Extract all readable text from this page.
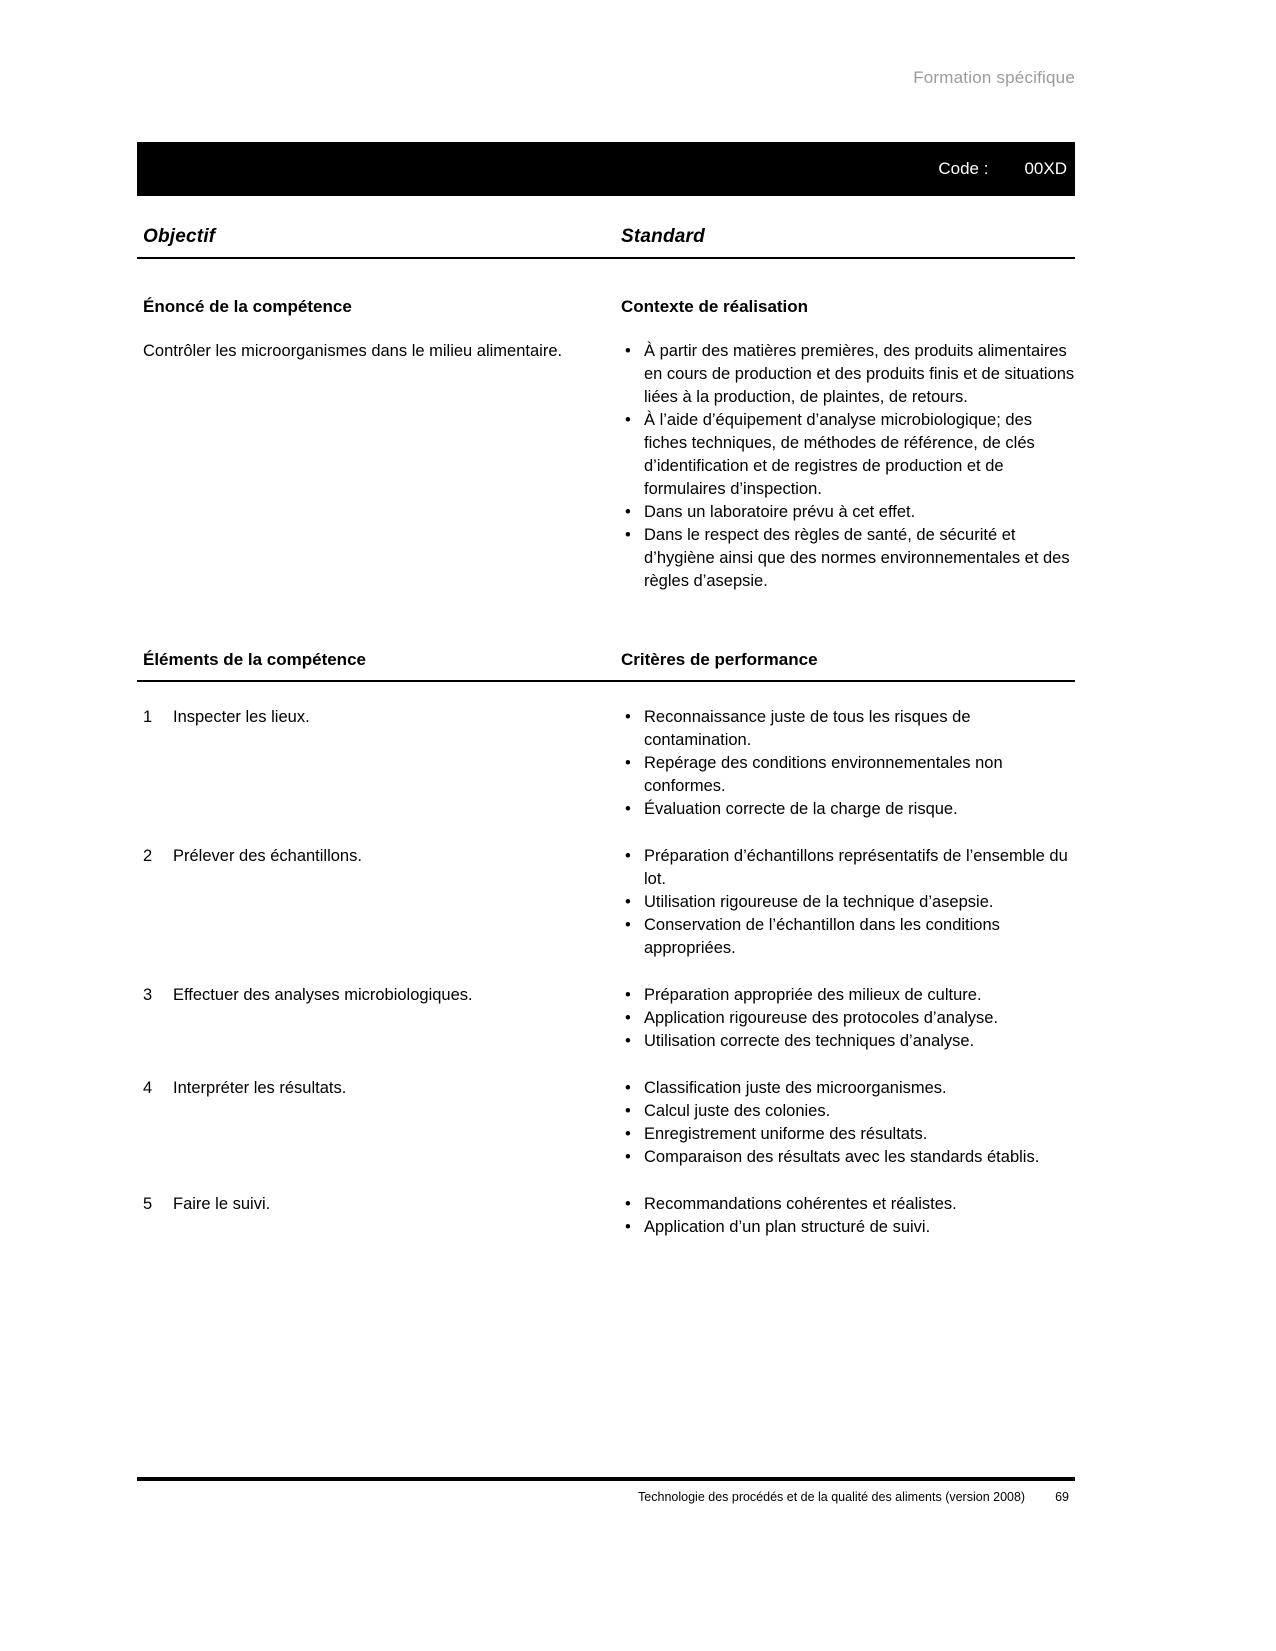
Formation spécifique
Code : 00XD
Objectif	Standard
Énoncé de la compétence	Contexte de réalisation

Contrôler les microorganismes dans le milieu alimentaire.	• À partir des matières premières, des produits alimentaires en cours de production et des produits finis et de situations liées à la production, de plaintes, de retours.
• À l’aide d’équipement d’analyse microbiologique; des fiches techniques, de méthodes de référence, de clés d’identification et de registres de production et de formulaires d’inspection.
• Dans un laboratoire prévu à cet effet.
• Dans le respect des règles de santé, de sécurité et d’hygiène ainsi que des normes environnementales et des règles d’asepsie.
Éléments de la compétence	Critères de performance
1	Inspecter les lieux.	• Reconnaissance juste de tous les risques de contamination.
• Repérage des conditions environnementales non conformes.
• Évaluation correcte de la charge de risque.
2	Prélever des échantillons.	• Préparation d’échantillons représentatifs de l’ensemble du lot.
• Utilisation rigoureuse de la technique d’asepsie.
• Conservation de l’échantillon dans les conditions appropriées.
3	Effectuer des analyses microbiologiques.	• Préparation appropriée des milieux de culture.
• Application rigoureuse des protocoles d’analyse.
• Utilisation correcte des techniques d’analyse.
4	Interpréter les résultats.	• Classification juste des microorganismes.
• Calcul juste des colonies.
• Enregistrement uniforme des résultats.
• Comparaison des résultats avec les standards établis.
5	Faire le suivi.	• Recommandations cohérentes et réalistes.
• Application d’un plan structuré de suivi.
Technologie des procédés et de la qualité des aliments (version 2008) 69
